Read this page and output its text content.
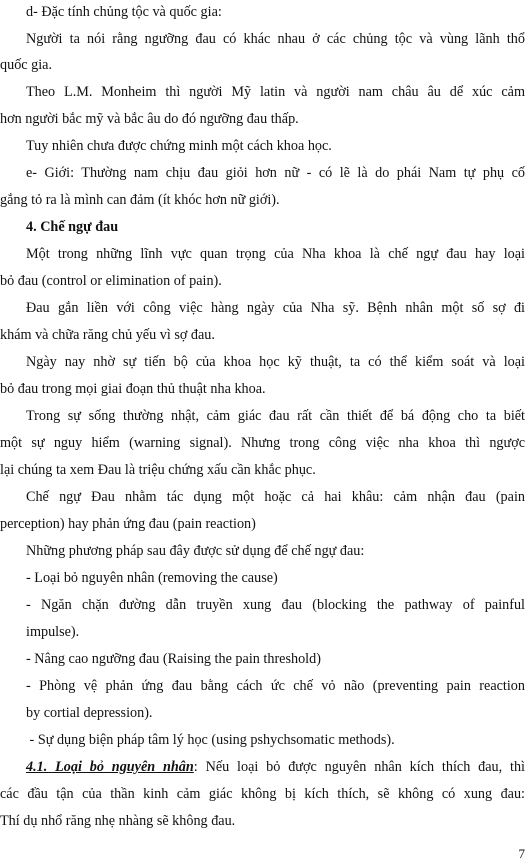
d- Đặc tính chủng tộc và quốc gia:

Người ta nói rằng ngưỡng đau có khác nhau ở các chủng tộc và vùng lãnh thổ

quốc gia.

Theo L.M. Monheim thì người Mỹ latin và người nam châu âu dể xúc cảm

hơn người bắc mỹ và bắc âu do đó ngưỡng đau thấp.

Tuy nhiên chưa được chứng minh một cách khoa học.

e- Giới: Thường nam chịu đau giỏi hơn nữ - có lẽ là do phái Nam tự phụ cố

gắng tỏ ra là mình can đảm (ít khóc hơn nữ giới).

4. Chế ngự đau

Một trong những lĩnh vực quan trọng của Nha khoa là chế ngự đau hay loại

bỏ đau (control or elimination of pain).

Đau gắn liền với công việc hàng ngày của Nha sỹ. Bệnh nhân một số sợ đi

khám và chữa răng chủ yếu vì sợ đau.

Ngày nay nhờ sự tiến bộ của khoa học kỹ thuật, ta có thể kiểm soát và loại

bỏ đau trong mọi giai đoạn thủ thuật nha khoa.

Trong sự sống thường nhật, cảm giác đau rất cần thiết để bá động cho ta biết

một sự nguy hiểm (warning signal). Nhưng trong công việc nha khoa thì ngược

lại chúng ta xem Đau là triệu chứng xấu cần khắc phục.

Chế ngự Đau nhằm tác dụng một hoặc cả hai khâu: cảm nhận đau (pain

perception) hay phản ứng đau (pain reaction)

Những phương pháp sau đây được sử dụng để chế ngự đau:

- Loại bỏ nguyên nhân (removing the cause)

- Ngăn chặn đường dẫn truyền xung đau (blocking the pathway of painful

impulse).

- Nâng cao ngưỡng đau (Raising the pain threshold)

- Phòng vệ phản ứng đau bằng cách ức chế vỏ não (preventing pain reaction

by cortial depression).

- Sự dụng biện pháp tâm lý học (using pshychsomatic methods).

4.1. Loại bỏ nguyên nhân: Nếu loại bỏ được nguyên nhân kích thích đau, thì

các đầu tận của thần kinh cảm giác không bị kích thích, sẽ không có xung đau:

Thí dụ nhổ răng nhẹ nhàng sẽ không đau.

7
